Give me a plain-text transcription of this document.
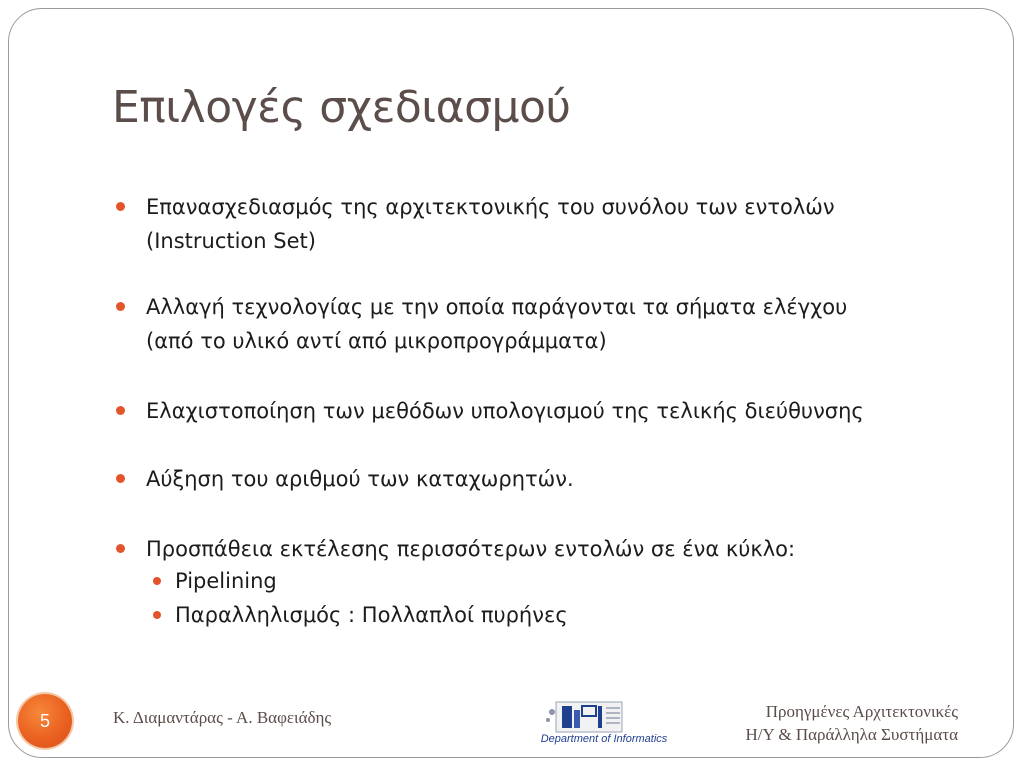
Επιλογές σχεδιασμού
Επανασχεδιασμός της αρχιτεκτονικής του συνόλου των εντολών
(Instruction Set)
Αλλαγή τεχνολογίας με την οποία παράγονται τα σήματα ελέγχου
(από το υλικό αντί από μικροπρογράμματα)
Ελαχιστοποίηση των μεθόδων υπολογισμού της τελικής διεύθυνσης
Αύξηση του αριθμού των καταχωρητών.
Προσπάθεια εκτέλεσης περισσότερων εντολών σε ένα κύκλο:
Pipelining
Παραλληλισμός : Πολλαπλοί πυρήνες
5	Κ. Διαμαντάρας - Α. Βαφειάδης
Department of Informatics
Προηγμένες Αρχιτεκτονικές
Η/Υ & Παράλληλα Συστήματα
